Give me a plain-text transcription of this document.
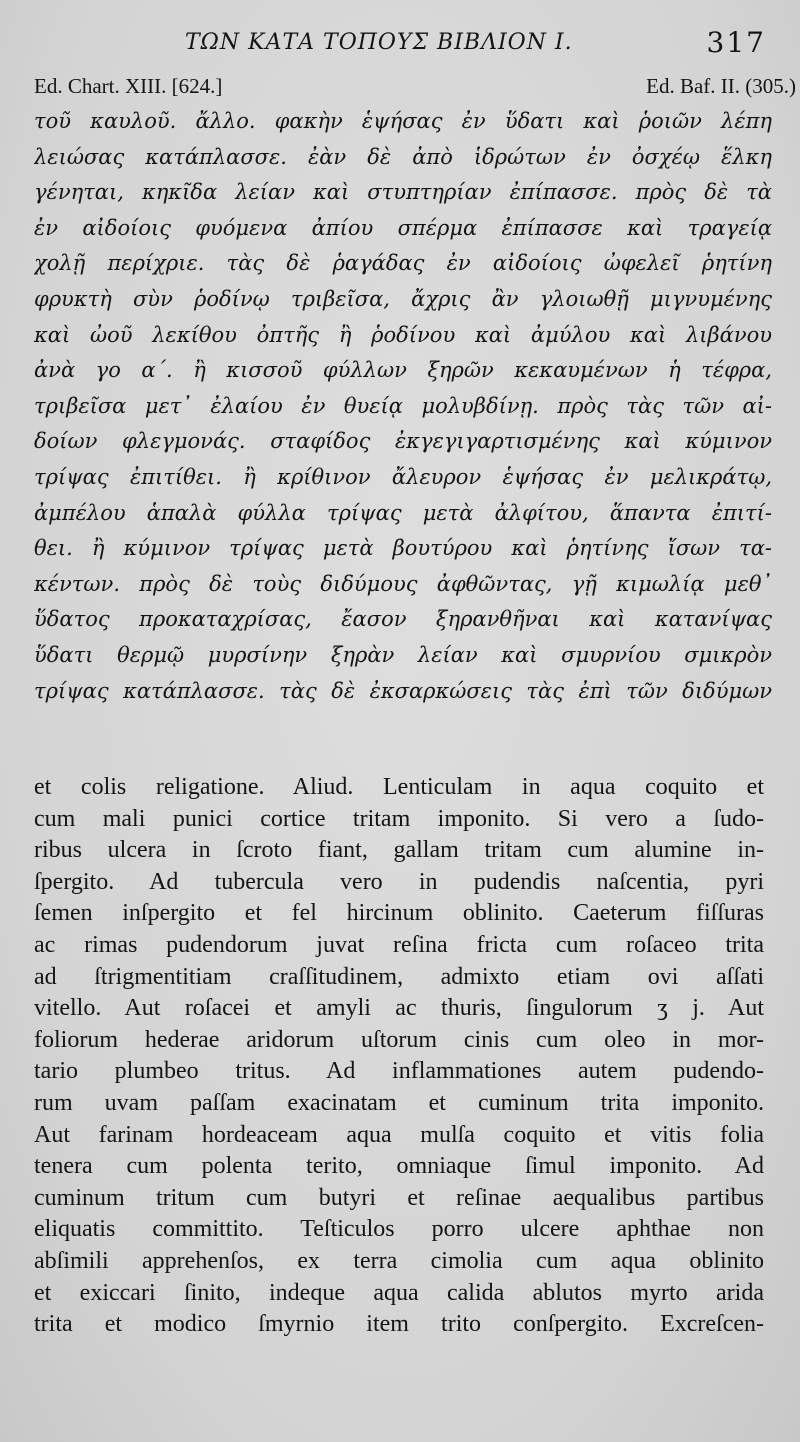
ΤΩΝ ΚΑΤΑ ΤΟΠΟΥΣ ΒΙΒΛΙΟΝ Ι.	317
Ed. Chart. XIII. [624.]	Ed. Baf. II. (305.)
τοῦ καυλοῦ. ἄλλο. φακὴν ἑψήσας ἐν ὕδατι καὶ ῥοιῶν λέπη
λειώσας κατάπλασσε. ἐὰν δὲ ἀπὸ ἱδρώτων ἐν ὀσχέῳ ἕλκη
γένηται, κηκῖδα λείαν καὶ στυπτηρίαν ἐπίπασσε. πρὸς δὲ τὰ
ἐν αἰδοίοις φυόμενα ἀπίου σπέρμα ἐπίπασσε καὶ τραγείᾳ
χολῇ περίχριε. τὰς δὲ ῥαγάδας ἐν αἰδοίοις ὠφελεῖ ῥητίνη
φρυκτὴ σὺν ῥοδίνῳ τριβεῖσα, ἄχρις ἂν γλοιωθῇ μιγνυμένης
καὶ ὠοῦ λεκίθου ὀπτῆς ἢ ῥοδίνου καὶ ἀμύλου καὶ λιβάνου
ἀνὰ γο α΄. ἢ κισσοῦ φύλλων ξηρῶν κεκαυμένων ἡ τέφρα,
τριβεῖσα μετ᾽ ἐλαίου ἐν θυείᾳ μολυβδίνῃ. πρὸς τὰς τῶν αἰ-
δοίων φλεγμονάς. σταφίδος ἐκγεγιγαρτισμένης καὶ κύμινον
τρίψας ἐπιτίθει. ἢ κρίθινον ἄλευρον ἑψήσας ἐν μελικράτῳ,
ἀμπέλου ἁπαλὰ φύλλα τρίψας μετὰ ἀλφίτου, ἅπαντα ἐπιτί-
θει. ἢ κύμινον τρίψας μετὰ βουτύρου καὶ ῥητίνης ἴσων τα-
κέντων. πρὸς δὲ τοὺς διδύμους ἀφθῶντας, γῇ κιμωλίᾳ μεθ᾽
ὕδατος προκαταχρίσας, ἔασον ξηρανθῆναι καὶ κατανίψας
ὕδατι θερμῷ μυρσίνην ξηρὰν λείαν καὶ σμυρνίου σμικρὸν
τρίψας κατάπλασσε. τὰς δὲ ἐκσαρκώσεις τὰς ἐπὶ τῶν διδύμων
et colis religatione. Aliud. Lenticulam in aqua coquito et
cum mali punici cortice tritam imponito. Si vero a ſudo-
ribus ulcera in ſcroto fiant, gallam tritam cum alumine in-
ſpergito. Ad tubercula vero in pudendis naſcentia, pyri
ſemen inſpergito et fel hircinum oblinito. Caeterum fiſſuras
ac rimas pudendorum juvat reſina fricta cum roſaceo trita
ad ſtrigmentitiam craſſitudinem, admixto etiam ovi aſſati
vitello. Aut roſacei et amyli ac thuris, ſingulorum ʒ j. Aut
foliorum hederae aridorum uſtorum cinis cum oleo in mor-
tario plumbeo tritus. Ad inflammationes autem pudendo-
rum uvam paſſam exacinatam et cuminum trita imponito.
Aut farinam hordeaceam aqua mulſa coquito et vitis folia
tenera cum polenta terito, omniaque ſimul imponito. Ad
cuminum tritum cum butyri et reſinae aequalibus partibus
eliquatis committito. Teſticulos porro ulcere aphthae non
abſimili apprehenſos, ex terra cimolia cum aqua oblinito
et exiccari ſinito, indeque aqua calida ablutos myrto arida
trita et modico ſmyrnio item trito conſpergito. Excreſcen-
